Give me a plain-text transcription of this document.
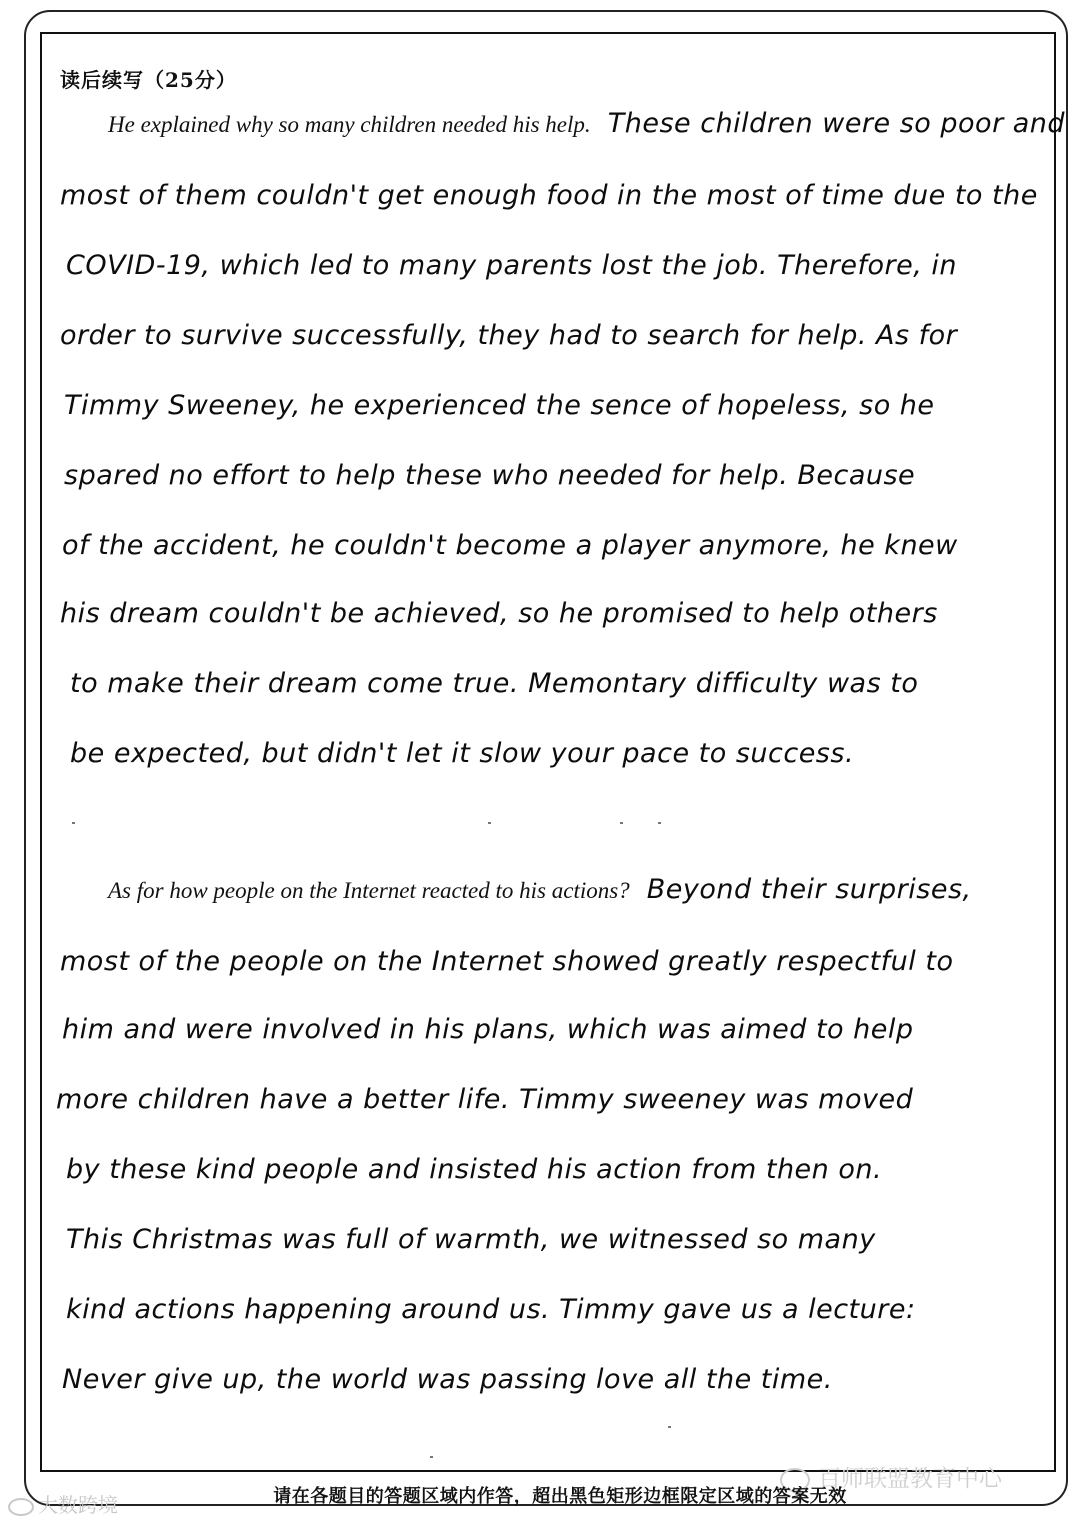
读后续写（25分）
He explained why so many children needed his help. These children were so poor and
most of them couldn't get enough food in the most of time due to the
COVID-19, which led to many parents lost the job. Therefore, in
order to survive successfully, they had to search for help. As for
Timmy Sweeney, he experienced the sence of hopeless, so he
spared no effort to help these who needed for help. Because
of the accident, he couldn't become a player anymore, he knew
his dream couldn't be achieved, so he promised to help others
to make their dream come true. Memontary difficulty was to
be expected, but didn't let it slow your pace to success.
As for how people on the Internet reacted to his actions? Beyond their surprises,
most of the people on the Internet showed greatly respectful to
him and were involved in his plans, which was aimed to help
more children have a better life. Timmy sweeney was moved
by these kind people and insisted his action from then on.
This Christmas was full of warmth, we witnessed so many
kind actions happening around us. Timmy gave us a lecture:
Never give up, the world was passing love all the time.
百师联盟教育中心
请在各题目的答题区域内作答，超出黑色矩形边框限定区域的答案无效
大数跨境
